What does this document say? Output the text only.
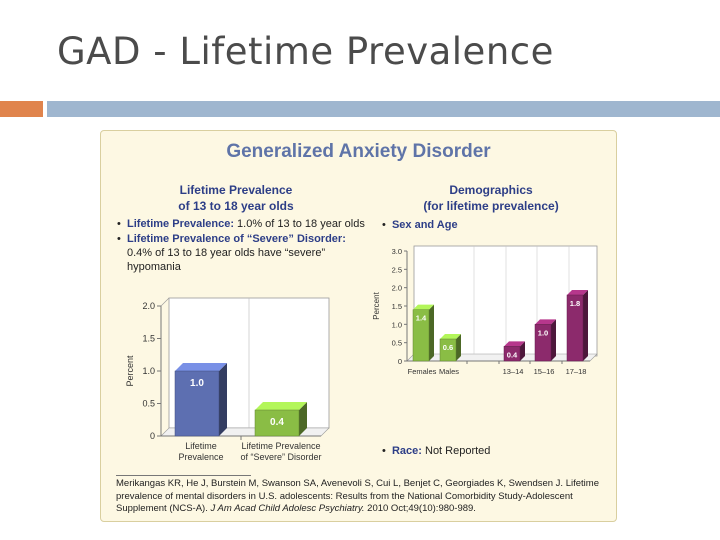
GAD - Lifetime Prevalence
Generalized Anxiety Disorder
Lifetime Prevalence
of 13 to 18 year olds
• Lifetime Prevalence: 1.0% of 13 to 18 year olds
• Lifetime Prevalence of “Severe” Disorder: 0.4% of 13 to 18 year olds have “severe” hypomania
Demographics
(for lifetime prevalence)
•  Sex and Age
0
0.5
1.0
1.5
2.0
Percent	1.0
Lifetime
Prevalence
0.4
Lifetime Prevalence
of “Severe” Disorder
0
0.5
1.0
1.5
2.0
2.5
3.0
Percent	1.4
Females
0.6
Males
0.4
13–14
1.0
15–16
1.8
17–18
•  Race: Not Reported
Merikangas KR, He J, Burstein M, Swanson SA, Avenevoli S, Cui L, Benjet C, Georgiades K, Swendsen J. Lifetime prevalence of mental disorders in U.S. adolescents: Results from the National Comorbidity Study-Adolescent Supplement (NCS-A). J Am Acad Child Adolesc Psychiatry. 2010 Oct;49(10):980-989.
